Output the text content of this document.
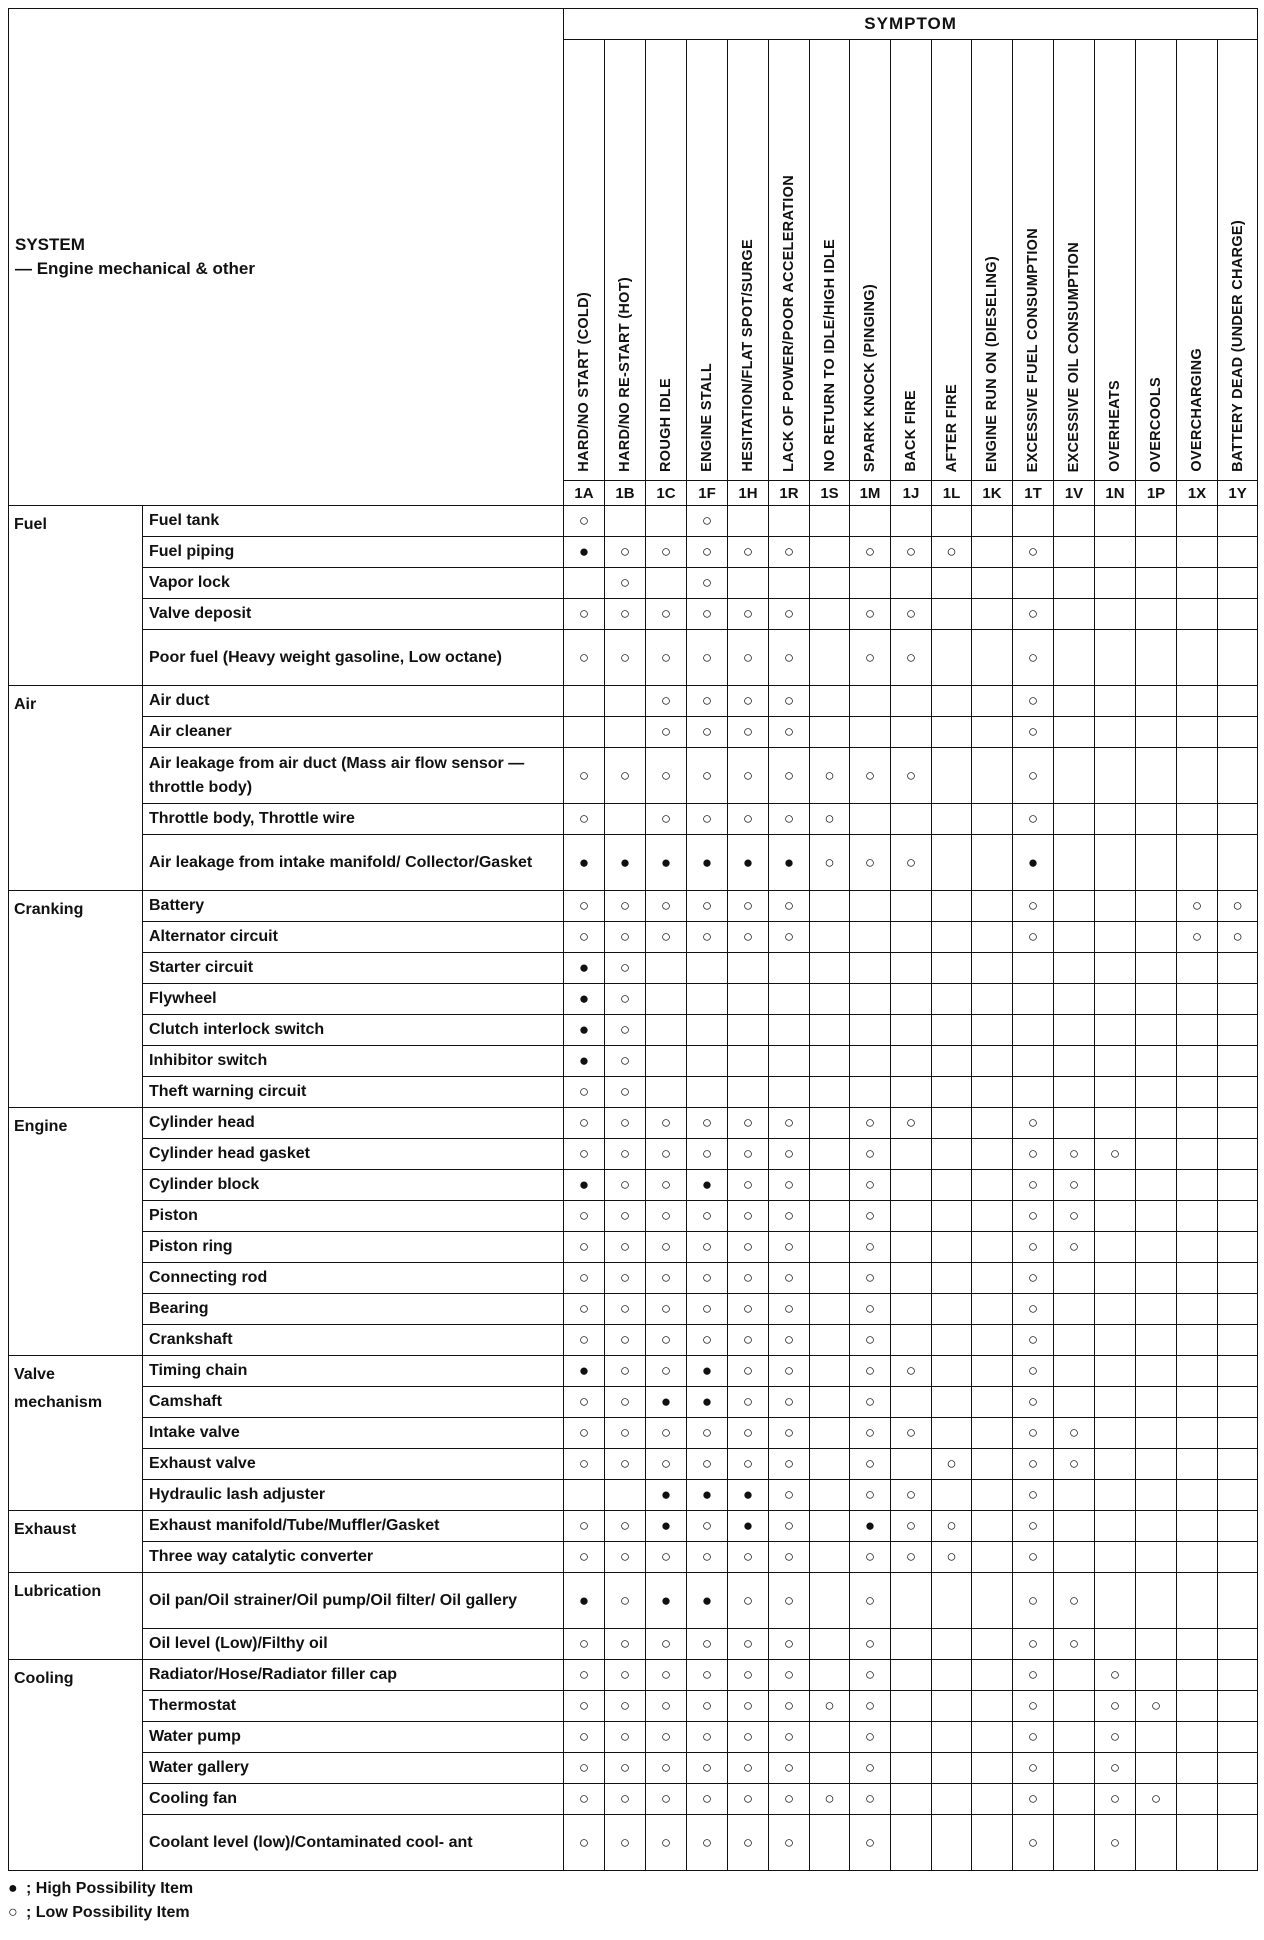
SYSTEM
— Engine mechanical & other		SYMPTOM																

		HARD/NO START (COLD)	HARD/NO RE-START (HOT)	ROUGH IDLE	ENGINE STALL	HESITATION/FLAT SPOT/SURGE	LACK OF POWER/POOR ACCELERATION	NO RETURN TO IDLE/HIGH IDLE	SPARK KNOCK (PINGING)	BACK FIRE	AFTER FIRE	ENGINE RUN ON (DIESELING)	EXCESSIVE FUEL CONSUMPTION	EXCESSIVE OIL CONSUMPTION	OVERHEATS	OVERCOOLS	OVERCHARGING	BATTERY DEAD (UNDER CHARGE)

		1A	1B	1C	1F	1H	1R	1S	1M	1J	1L	1K	1T	1V	1N	1P	1X	1Y
Fuel	Fuel tank	○			○													
	Fuel piping	●	○	○	○	○	○		○	○	○		○					
	Vapor lock		○		○													
	Valve deposit	○	○	○	○	○	○		○	○			○					
	Poor fuel (Heavy weight gasoline, Low octane)	○	○	○	○	○	○		○	○			○					
Air	Air duct			○	○	○	○						○					
	Air cleaner			○	○	○	○						○					
	Air leakage from air duct (Mass air flow sensor — throttle body)	○	○	○	○	○	○	○	○	○			○					
	Throttle body, Throttle wire	○		○	○	○	○	○					○					
	Air leakage from intake manifold/ Collector/Gasket	●	●	●	●	●	●	○	○	○			●					
Cranking	Battery	○	○	○	○	○	○						○				○	○
	Alternator circuit	○	○	○	○	○	○						○				○	○
	Starter circuit	●	○															
	Flywheel	●	○															
	Clutch interlock switch	●	○															
	Inhibitor switch	●	○															
	Theft warning circuit	○	○															
Engine	Cylinder head	○	○	○	○	○	○		○	○			○					
	Cylinder head gasket	○	○	○	○	○	○		○				○	○	○			
	Cylinder block	●	○	○	●	○	○		○				○	○				
	Piston	○	○	○	○	○	○		○				○	○				
	Piston ring	○	○	○	○	○	○		○				○	○				
	Connecting rod	○	○	○	○	○	○		○				○					
	Bearing	○	○	○	○	○	○		○				○					
	Crankshaft	○	○	○	○	○	○		○				○					
Valve mechanism	Timing chain	●	○	○	●	○	○		○	○			○					
	Camshaft	○	○	●	●	○	○		○				○					
	Intake valve	○	○	○	○	○	○		○	○			○	○				
	Exhaust valve	○	○	○	○	○	○		○		○		○	○				
	Hydraulic lash adjuster			●	●	●	○		○	○			○					
Exhaust	Exhaust manifold/Tube/Muffler/Gasket	○	○	●	○	●	○		●	○	○		○					
	Three way catalytic converter	○	○	○	○	○	○		○	○	○		○					
Lubrication	Oil pan/Oil strainer/Oil pump/Oil filter/ Oil gallery	●	○	●	●	○	○		○				○	○				
	Oil level (Low)/Filthy oil	○	○	○	○	○	○		○				○	○				
Cooling	Radiator/Hose/Radiator filler cap	○	○	○	○	○	○		○				○		○			
	Thermostat	○	○	○	○	○	○	○	○				○		○	○		
	Water pump	○	○	○	○	○	○		○				○		○			
	Water gallery	○	○	○	○	○	○		○				○		○			
	Cooling fan	○	○	○	○	○	○	○	○				○		○	○		
	Coolant level (low)/Contaminated cool- ant	○	○	○	○	○	○		○				○		○			
● ; High Possibility Item
○ ; Low Possibility Item
